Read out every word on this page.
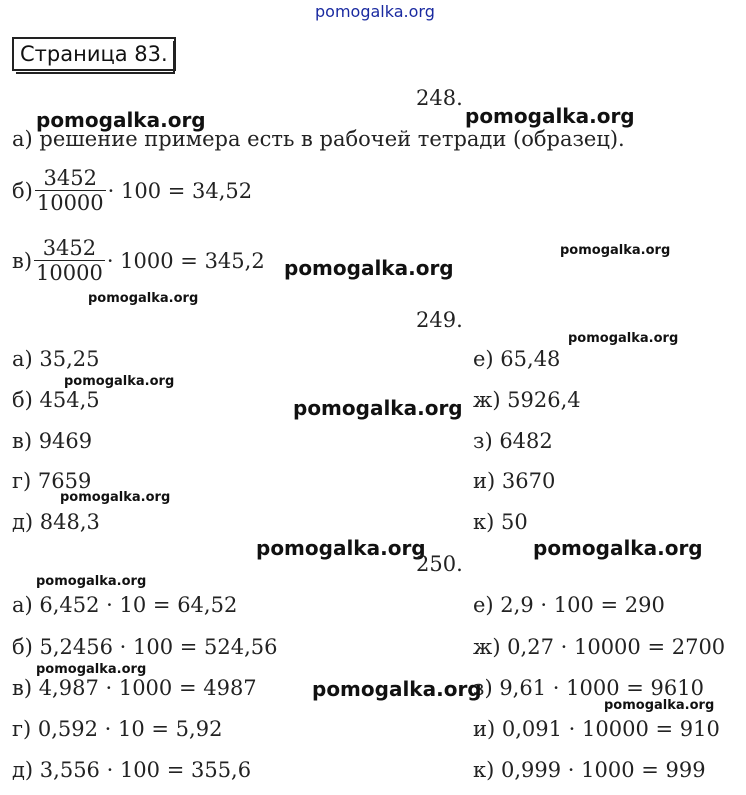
pomogalka.org
Страница 83.
248.
pomogalka.org	pomogalka.org
а) решение примера есть в рабочей тетради (образец).
$б) \frac{3452}{10000} \cdot 100 = 34,52$
$в) \frac{3452}{10000} \cdot 1000 = 345,2$ pomogalka.org
pomogalka.org
pomogalka.org
249.
pomogalka.org
а) 35,25
б) 454,5
в) 9469
г) 7659
д) 848,3
е) 65,48
ж) 5926,4
з) 6482
и) 3670
к) 50
pomogalka.org
pomogalka.org
pomogalka.org
pomogalka.org	pomogalka.org
250.
pomogalka.org
а) 6,452 · 10 = 64,52
б) 5,2456 · 100 = 524,56
в) 4,987 · 1000 = 4987
г) 0,592 · 10 = 5,92
д) 3,556 · 100 = 355,6
е) 2,9 · 100 = 290
ж) 0,27 · 10000 = 2700
з) 9,61 · 1000 = 9610
и) 0,091 · 10000 = 910
к) 0,999 · 1000 = 999
pomogalka.org
pomogalka.org
pomogalka.org
